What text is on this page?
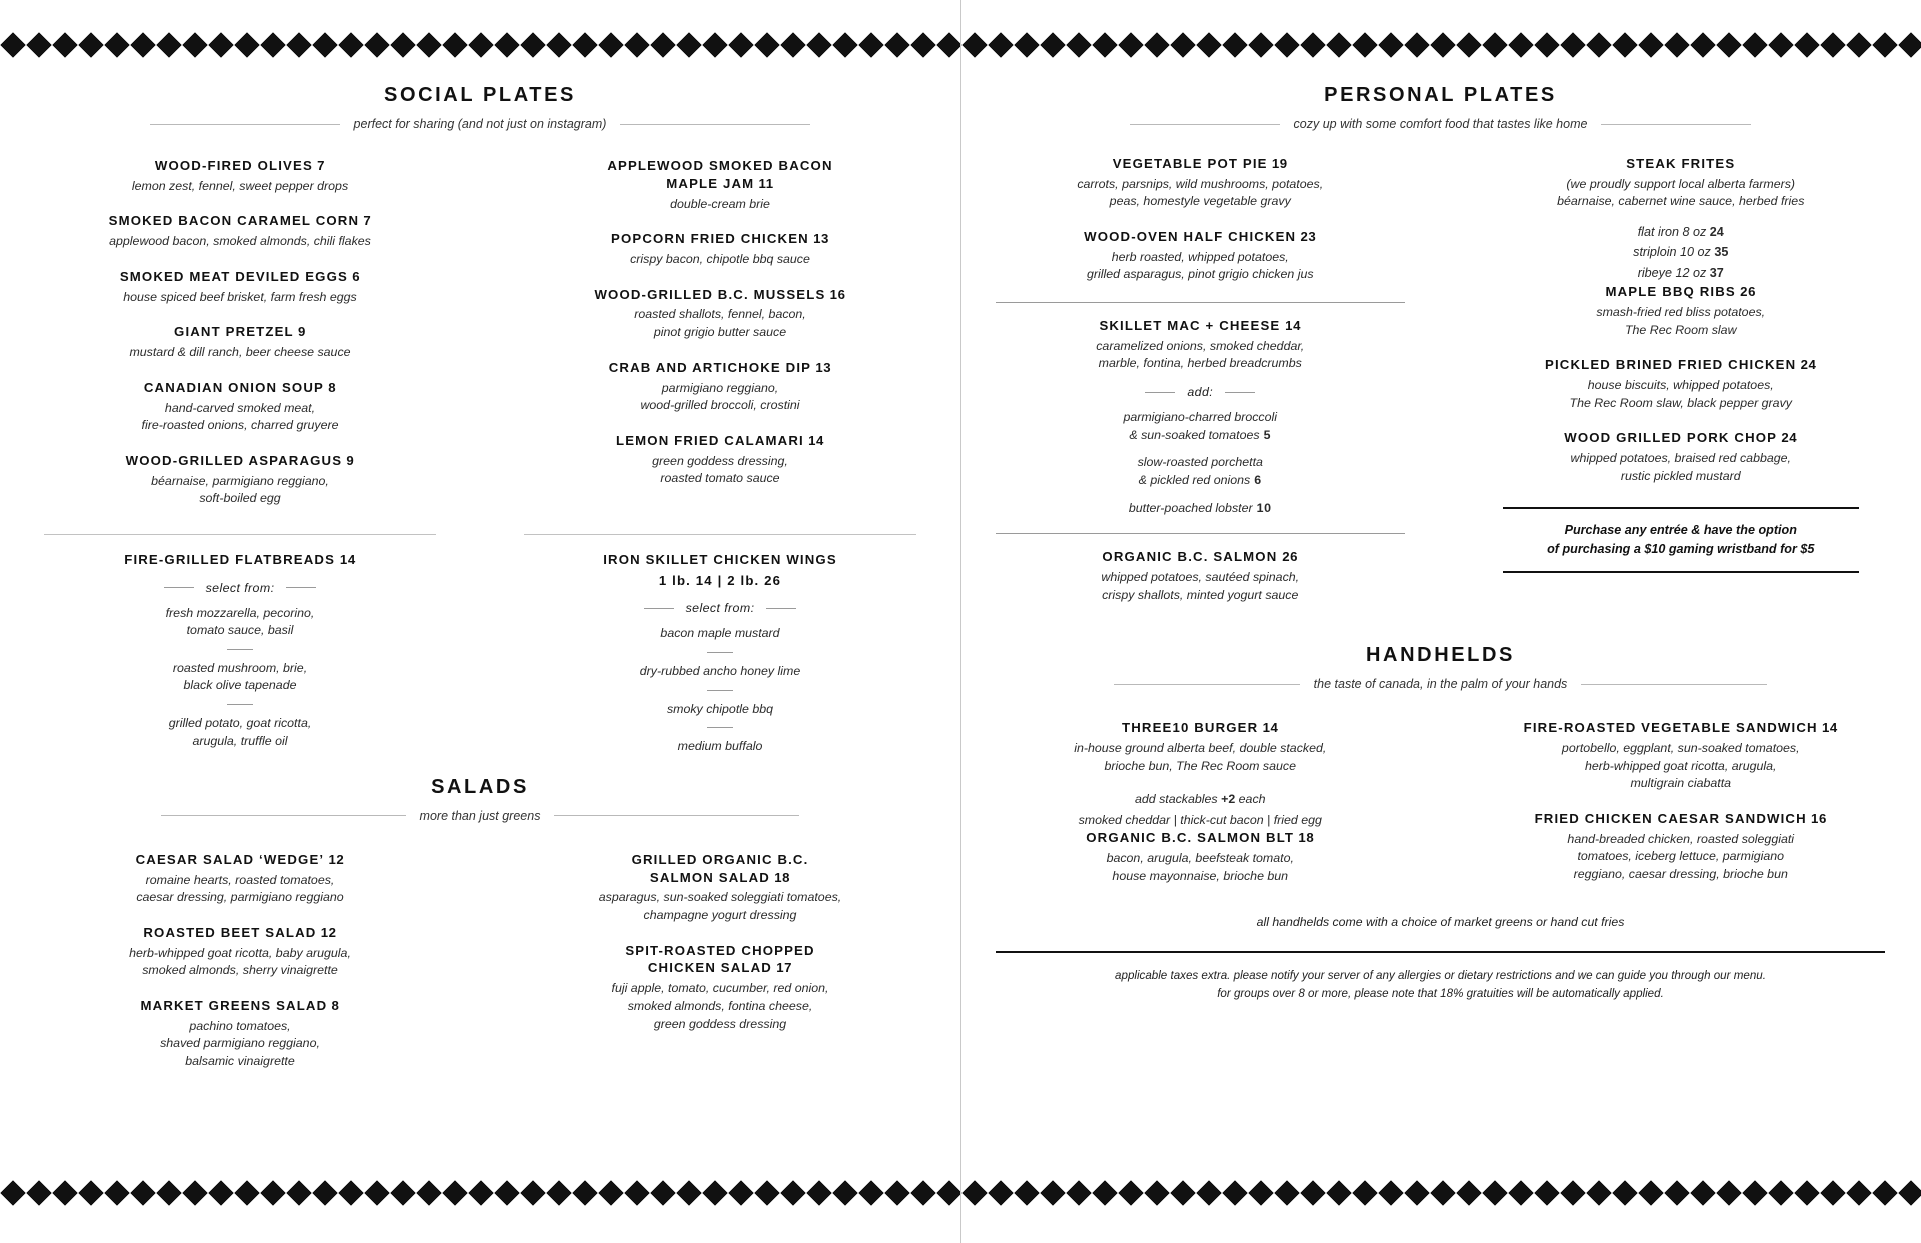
SOCIAL PLATES
perfect for sharing (and not just on instagram)
WOOD-FIRED OLIVES 7
lemon zest, fennel, sweet pepper drops
SMOKED BACON CARAMEL CORN 7
applewood bacon, smoked almonds, chili flakes
SMOKED MEAT DEVILED EGGS 6
house spiced beef brisket, farm fresh eggs
GIANT PRETZEL 9
mustard & dill ranch, beer cheese sauce
CANADIAN ONION SOUP 8
hand-carved smoked meat,
fire-roasted onions, charred gruyere
WOOD-GRILLED ASPARAGUS 9
béarnaise, parmigiano reggiano,
soft-boiled egg
APPLEWOOD SMOKED BACON
MAPLE JAM 11
double-cream brie
POPCORN FRIED CHICKEN 13
crispy bacon, chipotle bbq sauce
WOOD-GRILLED B.C. MUSSELS 16
roasted shallots, fennel, bacon,
pinot grigio butter sauce
CRAB AND ARTICHOKE DIP 13
parmigiano reggiano,
wood-grilled broccoli, crostini
LEMON FRIED CALAMARI 14
green goddess dressing,
roasted tomato sauce
FIRE-GRILLED FLATBREADS 14
select from:
fresh mozzarella, pecorino,
tomato sauce, basil
roasted mushroom, brie,
black olive tapenade
grilled potato, goat ricotta,
arugula, truffle oil
IRON SKILLET CHICKEN WINGS
1 lb. 14 | 2 lb. 26
select from:
bacon maple mustard
dry-rubbed ancho honey lime
smoky chipotle bbq
medium buffalo
SALADS
more than just greens
CAESAR SALAD ‘WEDGE’ 12
romaine hearts, roasted tomatoes,
caesar dressing, parmigiano reggiano
ROASTED BEET SALAD 12
herb-whipped goat ricotta, baby arugula,
smoked almonds, sherry vinaigrette
MARKET GREENS SALAD 8
pachino tomatoes,
shaved parmigiano reggiano,
balsamic vinaigrette
GRILLED ORGANIC B.C.
SALMON SALAD 18
asparagus, sun-soaked soleggiati tomatoes,
champagne yogurt dressing
SPIT-ROASTED CHOPPED
CHICKEN SALAD 17
fuji apple, tomato, cucumber, red onion,
smoked almonds, fontina cheese,
green goddess dressing
PERSONAL PLATES
cozy up with some comfort food that tastes like home
VEGETABLE POT PIE 19
carrots, parsnips, wild mushrooms, potatoes,
peas, homestyle vegetable gravy
WOOD-OVEN HALF CHICKEN 23
herb roasted, whipped potatoes,
grilled asparagus, pinot grigio chicken jus
SKILLET MAC + CHEESE 14
caramelized onions, smoked cheddar,
marble, fontina, herbed breadcrumbs
add:
parmigiano-charred broccoli
& sun-soaked tomatoes 5
slow-roasted porchetta
& pickled red onions 6
butter-poached lobster 10
ORGANIC B.C. SALMON 26
whipped potatoes, sautéed spinach,
crispy shallots, minted yogurt sauce
STEAK FRITES
(we proudly support local alberta farmers)
béarnaise, cabernet wine sauce, herbed fries
flat iron 8 oz 24
striploin 10 oz 35
ribeye 12 oz 37
MAPLE BBQ RIBS 26
smash-fried red bliss potatoes,
The Rec Room slaw
PICKLED BRINED FRIED CHICKEN 24
house biscuits, whipped potatoes,
The Rec Room slaw, black pepper gravy
WOOD GRILLED PORK CHOP 24
whipped potatoes, braised red cabbage,
rustic pickled mustard
Purchase any entrée & have the option
of purchasing a $10 gaming wristband for $5
HANDHELDS
the taste of canada, in the palm of your hands
THREE10 BURGER 14
in-house ground alberta beef, double stacked,
brioche bun, The Rec Room sauce
add stackables +2 each
smoked cheddar | thick-cut bacon | fried egg
ORGANIC B.C. SALMON BLT 18
bacon, arugula, beefsteak tomato,
house mayonnaise, brioche bun
FIRE-ROASTED VEGETABLE SANDWICH 14
portobello, eggplant, sun-soaked tomatoes,
herb-whipped goat ricotta, arugula,
multigrain ciabatta
FRIED CHICKEN CAESAR SANDWICH 16
hand-breaded chicken, roasted soleggiati
tomatoes, iceberg lettuce, parmigiano
reggiano, caesar dressing, brioche bun
all handhelds come with a choice of market greens or hand cut fries
applicable taxes extra. please notify your server of any allergies or dietary restrictions and we can guide you through our menu.
for groups over 8 or more, please note that 18% gratuities will be automatically applied.
